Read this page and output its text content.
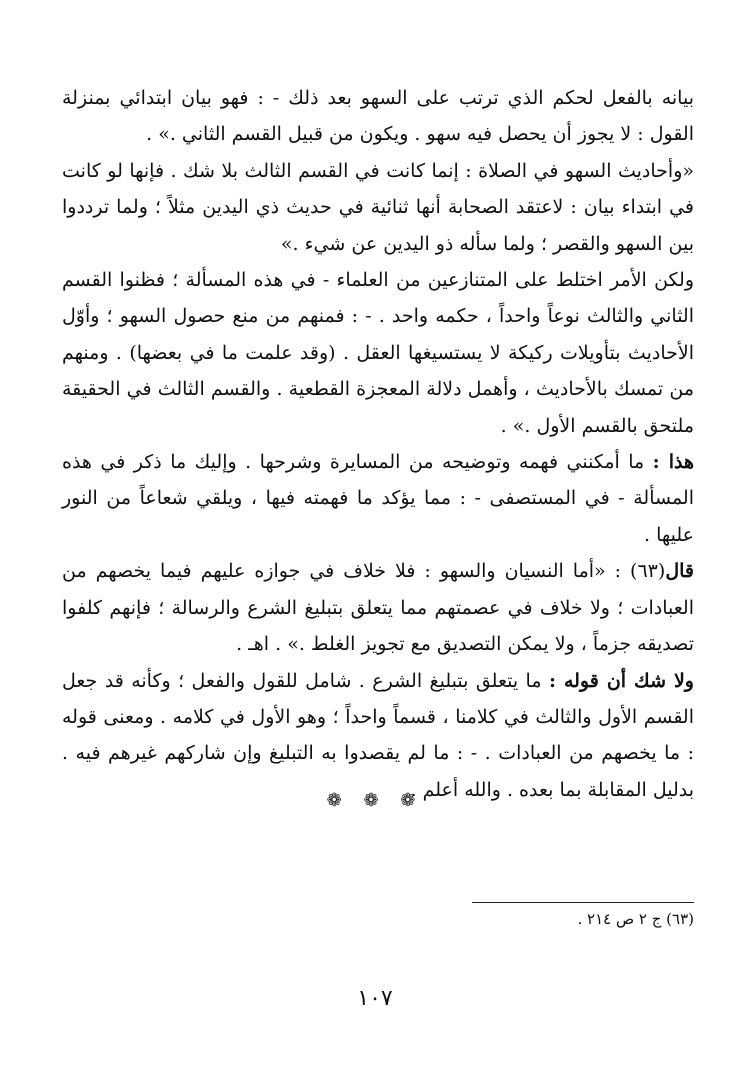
بيانه بالفعل لحكم الذي ترتب على السهو بعد ذلك - : فهو بيان ابتدائي بمنزلة القول : لا يجوز أن يحصل فيه سهو . ويكون من قبيل القسم الثاني .» .

«وأحاديث السهو في الصلاة : إنما كانت في القسم الثالث بلا شك . فإنها لو كانت في ابتداء بيان : لاعتقد الصحابة أنها ثنائية في حديث ذي اليدين مثلاً ؛ ولما ترددوا بين السهو والقصر ؛ ولما سأله ذو اليدين عن شيء .»

ولكن الأمر اختلط على المتنازعين من العلماء - في هذه المسألة ؛ فظنوا القسم الثاني والثالث نوعاً واحداً ، حكمه واحد . - : فمنهم من منع حصول السهو ؛ وأوّل الأحاديث بتأويلات ركيكة لا يستسيغها العقل . (وقد علمت ما في بعضها) . ومنهم من تمسك بالأحاديث ، وأهمل دلالة المعجزة القطعية . والقسم الثالث في الحقيقة ملتحق بالقسم الأول .» .

هذا : ما أمكنني فهمه وتوضيحه من المسايرة وشرحها . وإليك ما ذكر في هذه المسألة - في المستصفى - : مما يؤكد ما فهمته فيها ، ويلقي شعاعاً من النور عليها .

قال(٦٣) : «أما النسيان والسهو : فلا خلاف في جوازه عليهم فيما يخصهم من العبادات ؛ ولا خلاف في عصمتهم مما يتعلق بتبليغ الشرع والرسالة ؛ فإنهم كلفوا تصديقه جزماً ، ولا يمكن التصديق مع تجويز الغلط .» . اهـ .

ولا شك أن قوله : ما يتعلق بتبليغ الشرع . شامل للقول والفعل ؛ وكأنه قد جعل القسم الأول والثالث في كلامنا ، قسماً واحداً ؛ وهو الأول في كلامه . ومعنى قوله : ما يخصهم من العبادات . - : ما لم يقصدوا به التبليغ وإن شاركهم غيرهم فيه . بدليل المقابلة بما بعده . والله أعلم .

❁ ❁ ❁
(٦٣) ج ٢ ص ٢١٤ .
١٠٧
